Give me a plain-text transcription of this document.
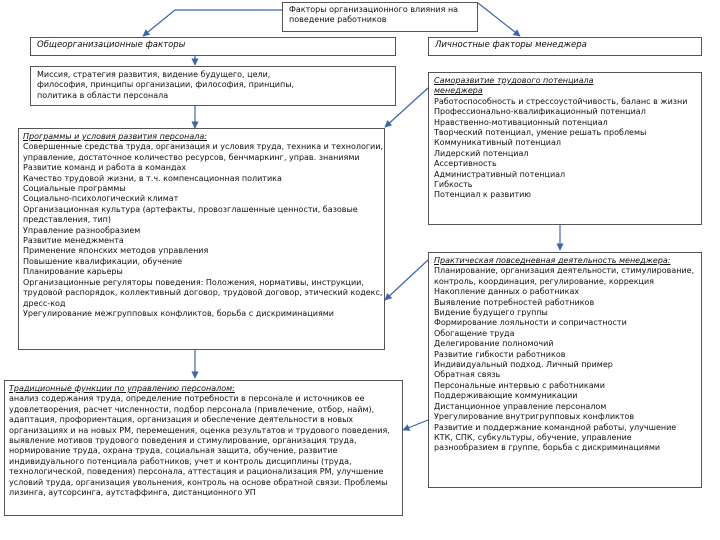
Факторы организационного влияния на
поведение работников
Общеорганизационные факторы	Личностные факторы менеджера
Миссия, стратегия развития, видение будущего, цели,
философия, принципы организации, философия, принципы,
политика в области персонала
Программы и условия развития персонала:
Совершенные средства труда, организация и условия труда, техника и технологии,
управление, достаточное количество ресурсов, бенчмаркинг, управ. знаниями
Развитие команд и работа в командах
Качество трудовой жизни, в т.ч. компенсационная политика
Социальные программы
Социально-психологический климат
Организационная культура (артефакты, провозглашенные ценности, базовые
представления, тип)
Управление разнообразием
Развитие менеджмента
Применение японских методов управления
Повышение квалификации, обучение
Планирование карьеры
Организационные регуляторы поведения: Положения, нормативы, инструкции,
трудовой распорядок, коллективный договор, трудовой договор, этический кодекс,
дресс-код
Урегулирование межгрупповых конфликтов, борьба с дискриминациями
Традиционные функции по управлению персоналом:
анализ содержания труда, определение потребности в персонале и источников ее
удовлетворения, расчет численности, подбор персонала (привлечение, отбор, найм),
адаптация, профориентация, организация и обеспечение деятельности в новых
организациях и на новых РМ, перемещения, оценка результатов и трудового поведения,
выявление мотивов трудового поведения и стимулирование, организация труда,
нормирование труда, охрана труда, социальная защита, обучение, развитие
индивидуального потенциала работников, учет и контроль дисциплины (труда,
технологической, поведения) персонала, аттестация и рационализация РМ, улучшение
условий труда, организация увольнения, контроль на основе обратной связи. Проблемы
лизинга, аутсорсинга, аутстаффинга, дистанционного УП
Саморазвитие трудового потенциала
менеджера
Работоспособность и стрессоустойчивость, баланс в жизни
Профессионально-квалификационный потенциал
Нравственно-мотивационный потенциал
Творческий потенциал, умение решать проблемы
Коммуникативный потенциал
Лидерский потенциал
Ассертивность
Административный потенциал
Гибкость
Потенциал к развитию
Практическая повседневная деятельность менеджера:
Планирование, организация деятельности, стимулирование,
контроль, координация, регулирование, коррекция
Накопление данных о работниках
Выявление потребностей работников
Видение будущего группы
Формирование лояльности и сопричастности
Обогащение труда
Делегирование полномочий
Развитие гибкости работников
Индивидуальный подход. Личный пример
Обратная связь
Персональные интервью с работниками
Поддерживающие коммуникации
Дистанционное управление персоналом
Урегулирование внутригрупповых конфликтов
Развитие и поддержание командной работы, улучшение
КТК, СПК, субкультуры, обучение, управление
разнообразием в группе, борьба с дискриминациями
